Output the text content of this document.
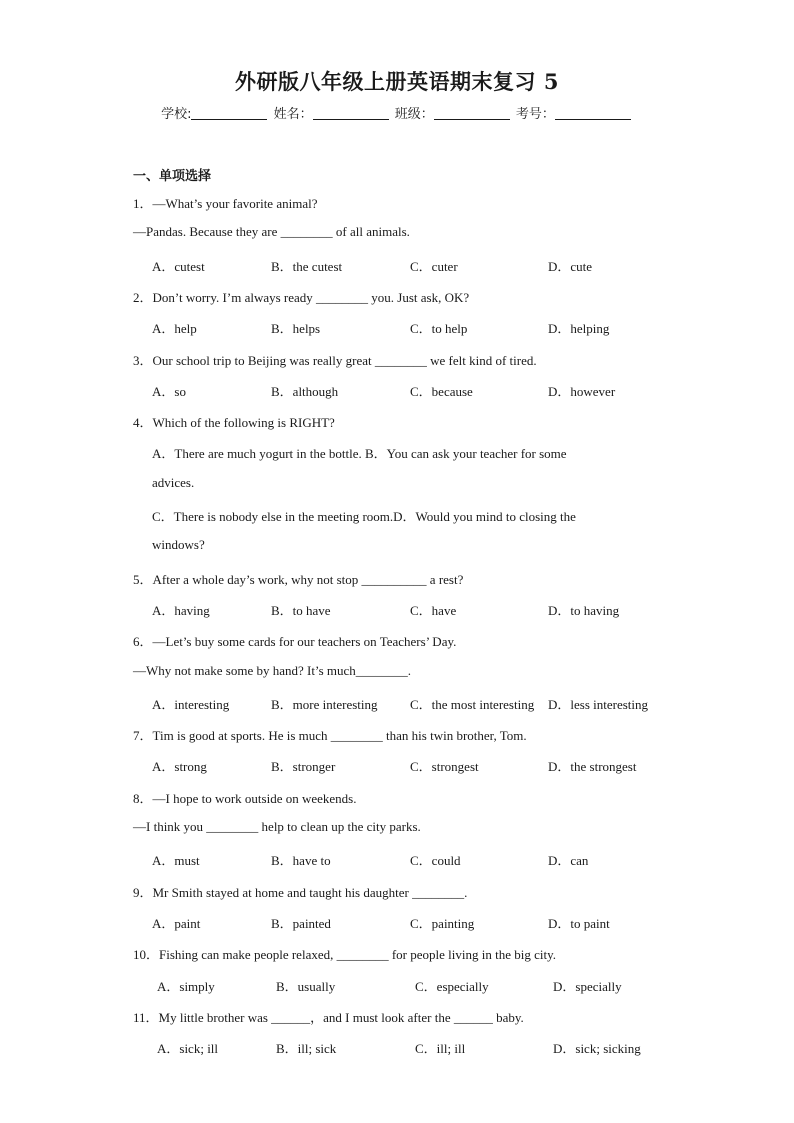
外研版八年级上册英语期末复习 5
学校:	姓名：	班级：	考号：
一、单项选择
1．—What’s your favorite animal?
—Pandas. Because they are ________ of all animals.
A．cutest	B．the cutest	C．cuter	D．cute
2．Don’t worry. I’m always ready ________ you. Just ask, OK?
A．help	B．helps	C．to help	D．helping
3．Our school trip to Beijing was really great ________ we felt kind of tired.
A．so	B．although	C．because	D．however
4．Which of the following is RIGHT?
A．There are much yogurt in the bottle. B．You can ask your teacher for some
advices.
C．There is nobody else in the meeting room.D．Would you mind to closing the
windows?
5．After a whole day’s work, why not stop __________ a rest?
A．having	B．to have	C．have	D．to having
6．—Let’s buy some cards for our teachers on Teachers’ Day.
—Why not make some by hand? It’s much________.
A．interesting	B．more interesting C．the most interesting D．less interesting
7．Tim is good at sports. He is much ________ than his twin brother, Tom.
A．strong	B．stronger	C．strongest	D．the strongest
8．—I hope to work outside on weekends.
—I think you ________ help to clean up the city parks.
A．must	B．have to	C．could	D．can
9．Mr Smith stayed at home and taught his daughter ________.
A．paint	B．painted	C．painting	D．to paint
10．Fishing can make people relaxed, ________ for people living in the big city.
A．simply	B．usually	C．especially	D．specially
11．My little brother was ______，and I must look after the ______ baby.
A．sick; ill	B．ill; sick	C．ill; ill	D．sick; sicking
